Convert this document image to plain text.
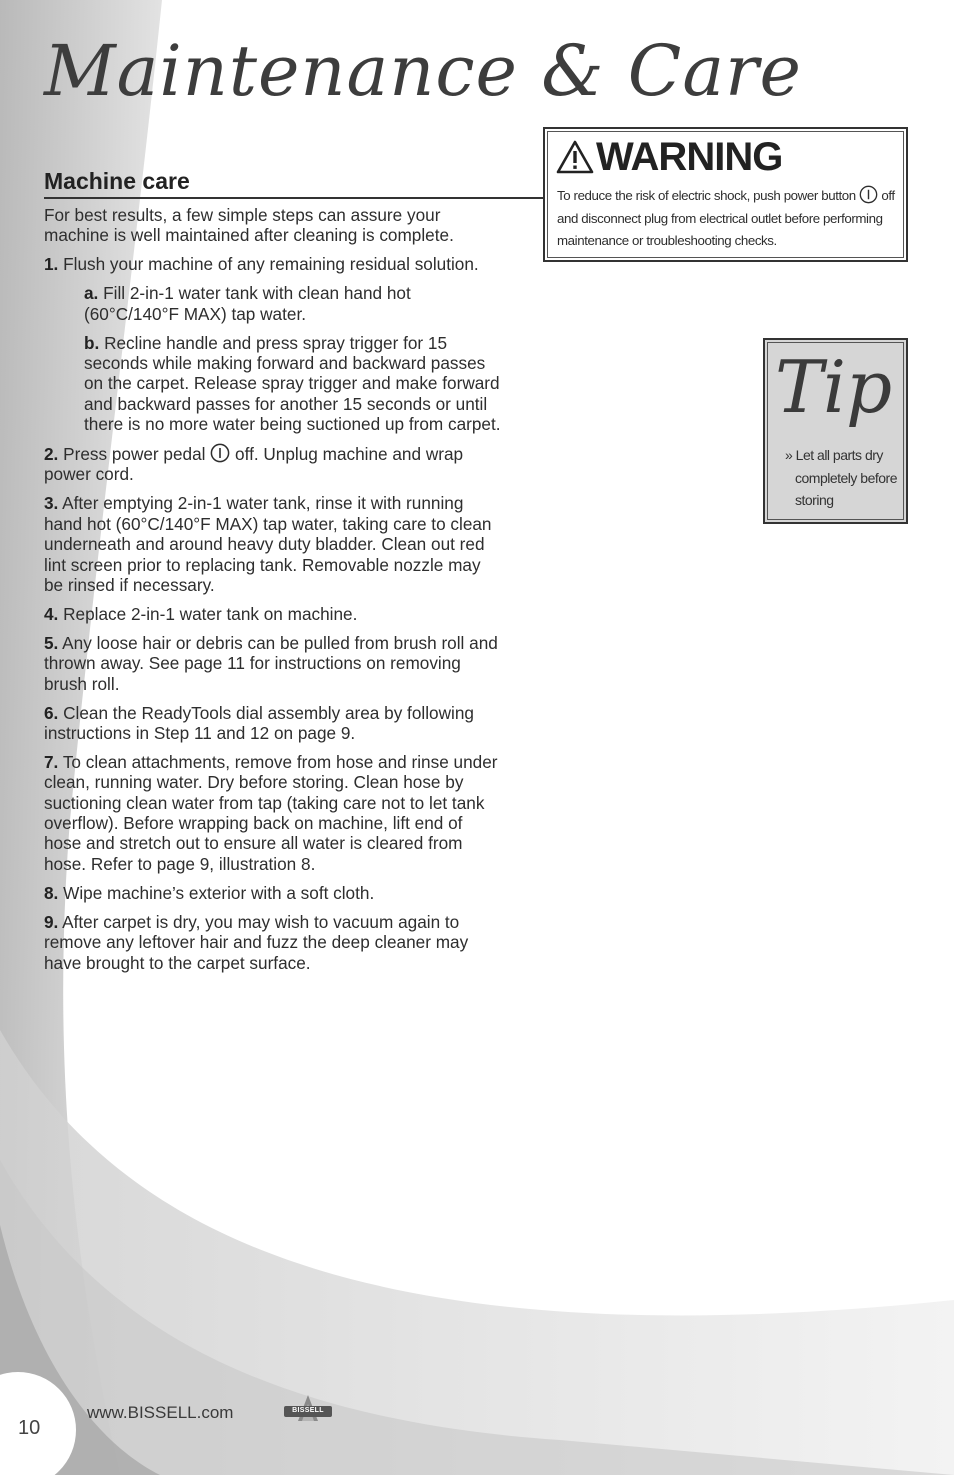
Maintenance & Care
Machine care

For best results, a few simple steps can assure your machine is well maintained after cleaning is complete.

1. Flush your machine of any remaining residual solution.

a. Fill 2-in-1 water tank with clean hand hot (60°C/140°F MAX) tap water.

b. Recline handle and press spray trigger for 15 seconds while making forward and backward passes on the carpet. Release spray trigger and make forward and backward passes for another 15 seconds or until there is no more water being suctioned up from carpet.

2. Press power pedal off. Unplug machine and wrap power cord.

3. After emptying 2-in-1 water tank, rinse it with running hand hot (60°C/140°F MAX) tap water, taking care to clean underneath and around heavy duty bladder. Clean out red lint screen prior to replacing tank. Removable nozzle may be rinsed if necessary.

4. Replace 2-in-1 water tank on machine.

5. Any loose hair or debris can be pulled from brush roll and thrown away. See page 11 for instructions on removing brush roll.

6. Clean the ReadyTools dial assembly area by following instructions in Step 11 and 12 on page 9.

7. To clean attachments, remove from hose and rinse under clean, running water. Dry before storing. Clean hose by suctioning clean water from tap (taking care not to let tank overflow). Before wrapping back on machine, lift end of hose and stretch out to ensure all water is cleared from hose. Refer to page 9, illustration 8.

8. Wipe machine’s exterior with a soft cloth.

9. After carpet is dry, you may wish to vacuum again to remove any leftover hair and fuzz the deep cleaner may have brought to the carpet surface.

WARNING
To reduce the risk of electric shock, push power button off and disconnect plug from electrical outlet before performing maintenance or troubleshooting checks.
Tip
» Let all parts dry completely before storing
10
www.BISSELL.com	BISSELL
